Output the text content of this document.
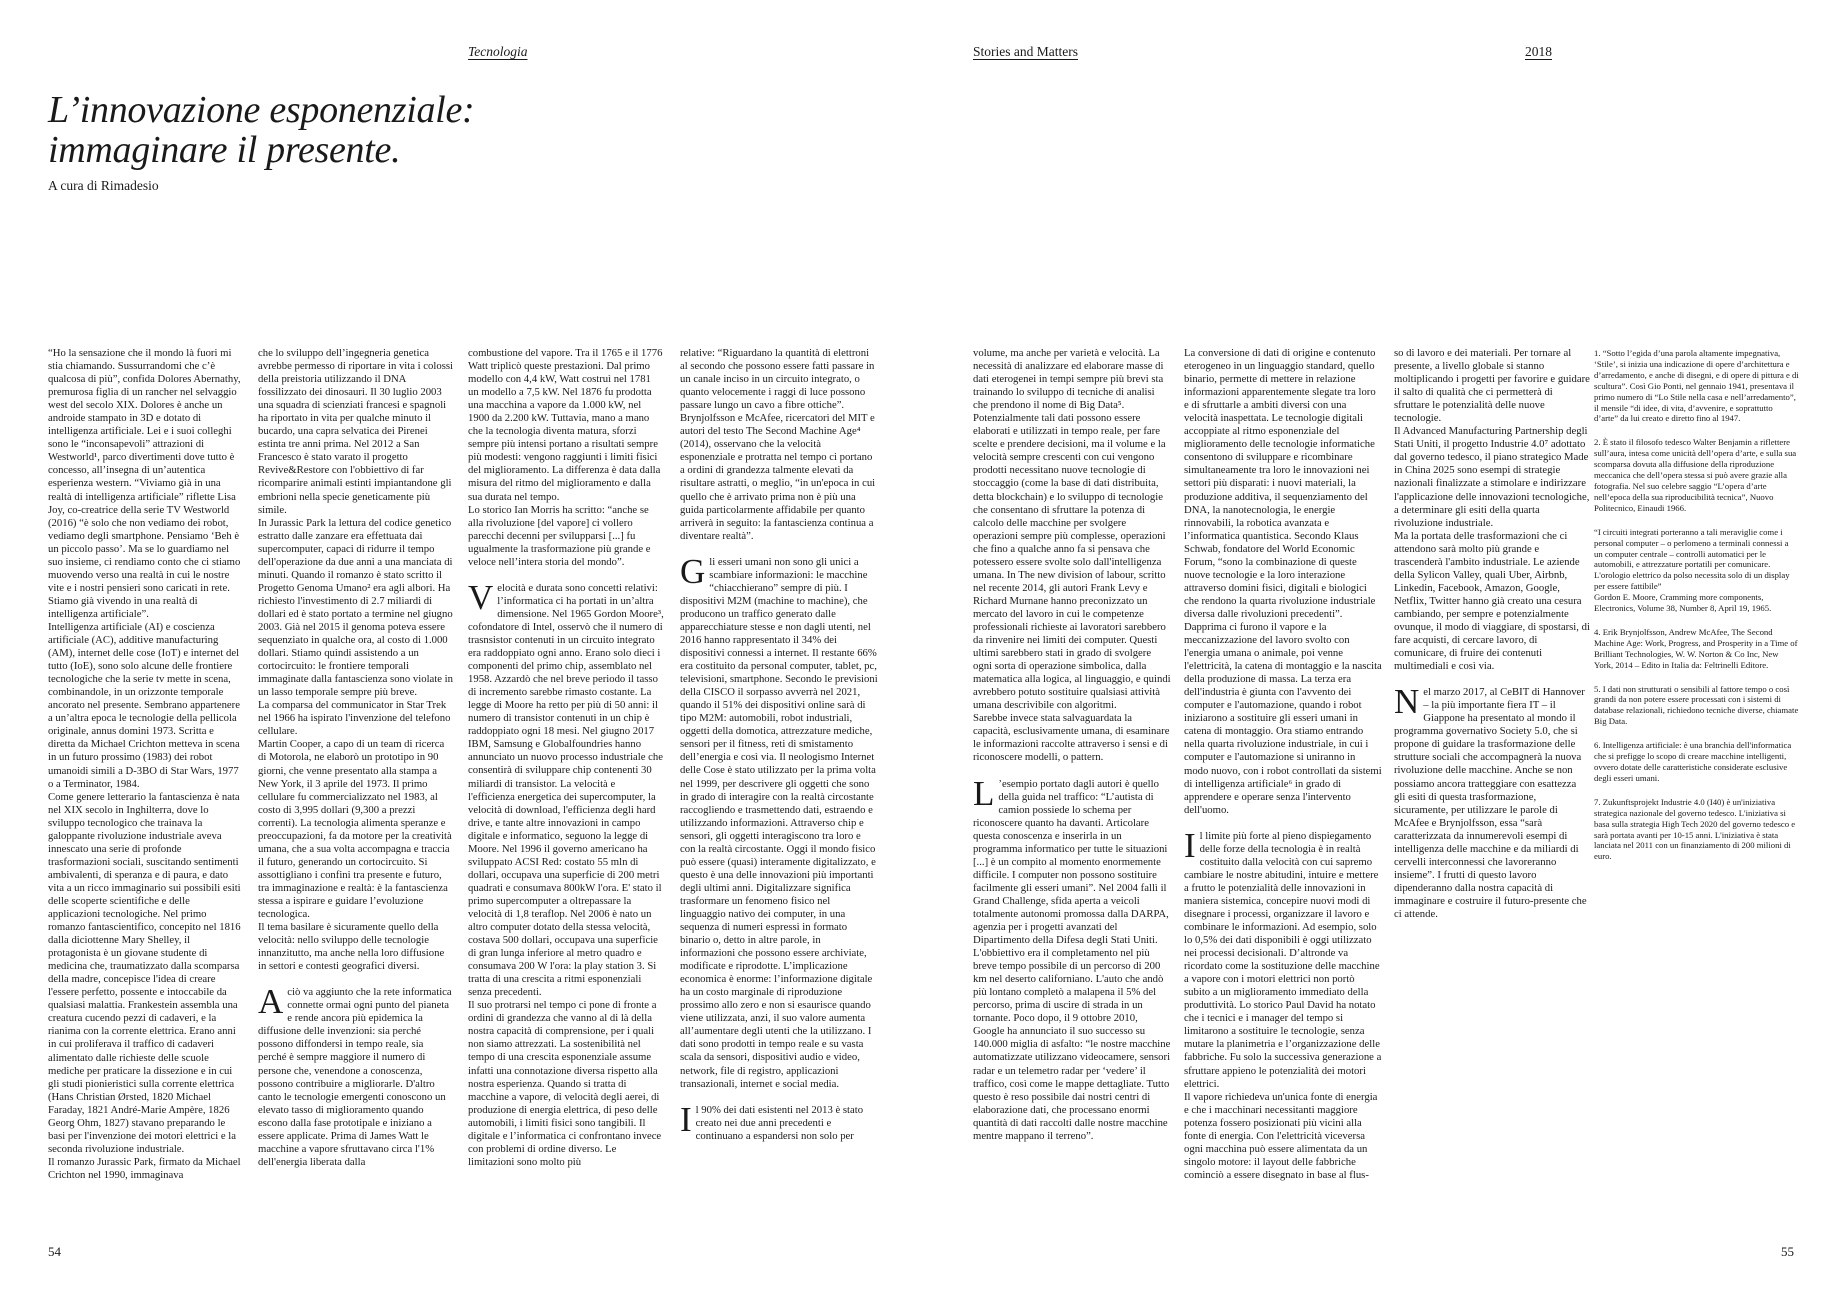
Tecnologia
L’innovazione esponenziale: immaginare il presente.
A cura di Rimadesio

“Ho la sensazione che il mondo là fuori mi stia chiamando. Sussurrandomi che c’è qualcosa di più”, confida Dolores Abernathy, premurosa figlia di un rancher nel selvaggio west del secolo XIX. Dolores è anche un androide stampato in 3D e dotato di intelligenza artificiale. Lei e i suoi colleghi sono le “inconsapevoli” attrazioni di Westworld¹, parco divertimenti dove tutto è concesso, all’insegna di un’autentica esperienza western. “Viviamo già in una realtà di intelligenza artificiale” riflette Lisa Joy, co-creatrice della serie TV Westworld (2016) “è solo che non vediamo dei robot, vediamo degli smartphone. Pensiamo ‘Beh è un piccolo passo’. Ma se lo guardiamo nel suo insieme, ci rendiamo conto che ci stiamo muovendo verso una realtà in cui le nostre vite e i nostri pensieri sono caricati in rete. Stiamo già vivendo in una realtà di intelligenza artificiale”.

Intelligenza artificiale (AI) e coscienza artificiale (AC), additive manufacturing (AM), internet delle cose (IoT) e internet del tutto (IoE), sono solo alcune delle frontiere tecnologiche che la serie tv mette in scena, combinandole, in un orizzonte temporale ancorato nel presente. Sembrano appartenere a un’altra epoca le tecnologie della pellicola originale, annus domini 1973. Scritta e diretta da Michael Crichton metteva in scena in un futuro prossimo (1983) dei robot umanoidi simili a D-3BO di Star Wars, 1977 o a Terminator, 1984.

Come genere letterario la fantascienza è nata nel XIX secolo in Inghilterra, dove lo sviluppo tecnologico che trainava la galoppante rivoluzione industriale aveva innescato una serie di profonde trasformazioni sociali, suscitando sentimenti ambivalenti, di speranza e di paura, e dato vita a un ricco immaginario sui possibili esiti delle scoperte scientifiche e delle applicazioni tecnologiche. Nel primo romanzo fantascientifico, concepito nel 1816 dalla diciottenne Mary Shelley, il protagonista è un giovane studente di medicina che, traumatizzato dalla scomparsa della madre, concepisce l'idea di creare l'essere perfetto, possente e intoccabile da qualsiasi malattia. Frankestein assembla una creatura cucendo pezzi di cadaveri, e la rianima con la corrente elettrica. Erano anni in cui proliferava il traffico di cadaveri alimentato dalle richieste delle scuole mediche per praticare la dissezione e in cui gli studi pionieristici sulla corrente elettrica (Hans Christian Ørsted, 1820 Michael Faraday, 1821 André-Marie Ampère, 1826 Georg Ohm, 1827) stavano preparando le basi per l'invenzione dei motori elettrici e la seconda rivoluzione industriale.

Il romanzo Jurassic Park, firmato da Michael Crichton nel 1990, immaginava

che lo sviluppo dell’ingegneria genetica avrebbe permesso di riportare in vita i colossi della preistoria utilizzando il DNA fossilizzato dei dinosauri. Il 30 luglio 2003 una squadra di scienziati francesi e spagnoli ha riportato in vita per qualche minuto il bucardo, una capra selvatica dei Pirenei estinta tre anni prima. Nel 2012 a San Francesco è stato varato il progetto Revive&Restore con l'obbiettivo di far ricomparire animali estinti impiantandone gli embrioni nella specie geneticamente più simile.

In Jurassic Park la lettura del codice genetico estratto dalle zanzare era effettuata dai supercomputer, capaci di ridurre il tempo dell'operazione da due anni a una manciata di minuti. Quando il romanzo è stato scritto il Progetto Genoma Umano² era agli albori. Ha richiesto l'investimento di 2.7 miliardi di dollari ed è stato portato a termine nel giugno 2003. Già nel 2015 il genoma poteva essere sequenziato in qualche ora, al costo di 1.000 dollari. Stiamo quindi assistendo a un cortocircuito: le frontiere temporali immaginate dalla fantascienza sono violate in un lasso temporale sempre più breve.

La comparsa del communicator in Star Trek nel 1966 ha ispirato l'invenzione del telefono cellulare.

Martin Cooper, a capo di un team di ricerca di Motorola, ne elaborò un prototipo in 90 giorni, che venne presentato alla stampa a New York, il 3 aprile del 1973. Il primo cellulare fu commercializzato nel 1983, al costo di 3,995 dollari (9,300 a prezzi correnti). La tecnologia alimenta speranze e preoccupazioni, fa da motore per la creatività umana, che a sua volta accompagna e traccia il futuro, generando un cortocircuito. Si assottigliano i confini tra presente e futuro, tra immaginazione e realtà: è la fantascienza stessa a ispirare e guidare l’evoluzione tecnologica.

Il tema basilare è sicuramente quello della velocità: nello sviluppo delle tecnologie innanzitutto, ma anche nella loro diffusione in settori e contesti geografici diversi.

Aciò va aggiunto che la rete informatica connette ormai ogni punto del pianeta e rende ancora più epidemica la diffusione delle invenzioni: sia perché possono diffondersi in tempo reale, sia perché è sempre maggiore il numero di persone che, venendone a conoscenza, possono contribuire a migliorarle. D'altro canto le tecnologie emergenti conoscono un elevato tasso di miglioramento quando escono dalla fase prototipale e iniziano a essere applicate. Prima di James Watt le macchine a vapore sfruttavano circa l'1% dell'energia liberata dalla

combustione del vapore. Tra il 1765 e il 1776 Watt triplicò queste prestazioni. Dal primo modello con 4,4 kW, Watt costruì nel 1781 un modello a 7,5 kW. Nel 1876 fu prodotta una macchina a vapore da 1.000 kW, nel 1900 da 2.200 kW. Tuttavia, mano a mano che la tecnologia diventa matura, sforzi sempre più intensi portano a risultati sempre più modesti: vengono raggiunti i limiti fisici del miglioramento. La differenza è data dalla misura del ritmo del miglioramento e dalla sua durata nel tempo.

Lo storico Ian Morris ha scritto: “anche se alla rivoluzione [del vapore] ci vollero parecchi decenni per svilupparsi [...] fu ugualmente la trasformazione più grande e veloce nell’intera storia del mondo”.

Velocità e durata sono concetti relativi: l’informatica ci ha portati in un’altra dimensione. Nel 1965 Gordon Moore³, cofondatore di Intel, osservò che il numero di trasnsistor contenuti in un circuito integrato era raddoppiato ogni anno. Erano solo dieci i componenti del primo chip, assemblato nel 1958. Azzardò che nel breve periodo il tasso di incremento sarebbe rimasto costante. La legge di Moore ha retto per più di 50 anni: il numero di transistor contenuti in un chip è raddoppiato ogni 18 mesi. Nel giugno 2017 IBM, Samsung e Globalfoundries hanno annunciato un nuovo processo industriale che consentirà di sviluppare chip contenenti 30 miliardi di transistor. La velocità e l'efficienza energetica dei supercomputer, la velocità di download, l'efficienza degli hard drive, e tante altre innovazioni in campo digitale e informatico, seguono la legge di Moore. Nel 1996 il governo americano ha sviluppato ACSI Red: costato 55 mln di dollari, occupava una superficie di 200 metri quadrati e consumava 800kW l'ora. E' stato il primo supercomputer a oltrepassare la velocità di 1,8 teraflop. Nel 2006 è nato un altro computer dotato della stessa velocità, costava 500 dollari, occupava una superficie di gran lunga inferiore al metro quadro e consumava 200 W l'ora: la play station 3. Si tratta di una crescita a ritmi esponenziali senza precedenti.

Il suo protrarsi nel tempo ci pone di fronte a ordini di grandezza che vanno al di là della nostra capacità di comprensione, per i quali non siamo attrezzati. La sostenibilità nel tempo di una crescita esponenziale assume infatti una connotazione diversa rispetto alla nostra esperienza. Quando si tratta di macchine a vapore, di velocità degli aerei, di produzione di energia elettrica, di peso delle automobili, i limiti fisici sono tangibili. Il digitale e l’informatica ci confrontano invece con problemi di ordine diverso. Le limitazioni sono molto più

relative: “Riguardano la quantità di elettroni al secondo che possono essere fatti passare in un canale inciso in un circuito integrato, o quanto velocemente i raggi di luce possono passare lungo un cavo a fibre ottiche”. Brynjolfsson e McAfee, ricercatori del MIT e autori del testo The Second Machine Age⁴ (2014), osservano che la velocità esponenziale e protratta nel tempo ci portano a ordini di grandezza talmente elevati da risultare astratti, o meglio, “in un'epoca in cui quello che è arrivato prima non è più una guida particolarmente affidabile per quanto arriverà in seguito: la fantascienza continua a diventare realtà”.

Gli esseri umani non sono gli unici a scambiare informazioni: le macchine “chiacchierano” sempre di più. I dispositivi M2M (machine to machine), che producono un traffico generato dalle apparecchiature stesse e non dagli utenti, nel 2016 hanno rappresentato il 34% dei dispositivi connessi a internet. Il restante 66% era costituito da personal computer, tablet, pc, televisioni, smartphone. Secondo le previsioni della CISCO il sorpasso avverrà nel 2021, quando il 51% dei dispositivi online sarà di tipo M2M: automobili, robot industriali, oggetti della domotica, attrezzature mediche, sensori per il fitness, reti di smistamento dell’energia e così via. Il neologismo Internet delle Cose è stato utilizzato per la prima volta nel 1999, per descrivere gli oggetti che sono in grado di interagire con la realtà circostante raccogliendo e trasmettendo dati, estraendo e utilizzando informazioni. Attraverso chip e sensori, gli oggetti interagiscono tra loro e con la realtà circostante. Oggi il mondo fisico può essere (quasi) interamente digitalizzato, e questo è una delle innovazioni più importanti degli ultimi anni. Digitalizzare significa trasformare un fenomeno fisico nel linguaggio nativo dei computer, in una sequenza di numeri espressi in formato binario o, detto in altre parole, in informazioni che possono essere archiviate, modificate e riprodotte. L’implicazione economica è enorme: l’informazione digitale ha un costo marginale di riproduzione prossimo allo zero e non si esaurisce quando viene utilizzata, anzi, il suo valore aumenta all’aumentare degli utenti che la utilizzano. I dati sono prodotti in tempo reale e su vasta scala da sensori, dispositivi audio e video, network, file di registro, applicazioni transazionali, internet e social media.

Il 90% dei dati esistenti nel 2013 è stato creato nei due anni precedenti e continuano a espandersi non solo per

54
Stories and Matters	2018

volume, ma anche per varietà e velocità. La necessità di analizzare ed elaborare masse di dati eterogenei in tempi sempre più brevi sta trainando lo sviluppo di tecniche di analisi che prendono il nome di Big Data⁵. Potenzialmente tali dati possono essere elaborati e utilizzati in tempo reale, per fare scelte e prendere decisioni, ma il volume e la velocità sempre crescenti con cui vengono prodotti necessitano nuove tecnologie di stoccaggio (come la base di dati distribuita, detta blockchain) e lo sviluppo di tecnologie che consentano di sfruttare la potenza di calcolo delle macchine per svolgere operazioni sempre più complesse, operazioni che fino a qualche anno fa si pensava che potessero essere svolte solo dall'intelligenza umana. In The new division of labour, scritto nel recente 2014, gli autori Frank Levy e Richard Murnane hanno preconizzato un mercato del lavoro in cui le competenze professionali richieste ai lavoratori sarebbero da rinvenire nei limiti dei computer. Questi ultimi sarebbero stati in grado di svolgere ogni sorta di operazione simbolica, dalla matematica alla logica, al linguaggio, e quindi avrebbero potuto sostituire qualsiasi attività umana descrivibile con algoritmi.

Sarebbe invece stata salvaguardata la capacità, esclusivamente umana, di esaminare le informazioni raccolte attraverso i sensi e di riconoscere modelli, o pattern.

L ’esempio portato dagli autori è quello della guida nel traffico: “L’autista di camion possiede lo schema per riconoscere quanto ha davanti. Articolare questa conoscenza e inserirla in un programma informatico per tutte le situazioni [...] è un compito al momento enormemente difficile. I computer non possono sostituire facilmente gli esseri umani”. Nel 2004 fallì il Grand Challenge, sfida aperta a veicoli totalmente autonomi promossa dalla DARPA, agenzia per i progetti avanzati del Dipartimento della Difesa degli Stati Uniti. L'obbiettivo era il completamento nel più breve tempo possibile di un percorso di 200 km nel deserto californiano. L'auto che andò più lontano completò a malapena il 5% del percorso, prima di uscire di strada in un tornante. Poco dopo, il 9 ottobre 2010, Google ha annunciato il suo successo su 140.000 miglia di asfalto: “le nostre macchine automatizzate utilizzano videocamere, sensori radar e un telemetro radar per ‘vedere’ il traffico, così come le mappe dettagliate. Tutto questo è reso possibile dai nostri centri di elaborazione dati, che processano enormi quantità di dati raccolti dalle nostre macchine mentre mappano il terreno”.

La conversione di dati di origine e contenuto eterogeneo in un linguaggio standard, quello binario, permette di mettere in relazione informazioni apparentemente slegate tra loro e di sfruttarle a ambiti diversi con una velocità inaspettata. Le tecnologie digitali accoppiate al ritmo esponenziale del miglioramento delle tecnologie informatiche consentono di sviluppare e ricombinare simultaneamente tra loro le innovazioni nei settori più disparati: i nuovi materiali, la produzione additiva, il sequenziamento del DNA, la nanotecnologia, le energie rinnovabili, la robotica avanzata e l’informatica quantistica. Secondo Klaus Schwab, fondatore del World Economic Forum, “sono la combinazione di queste nuove tecnologie e la loro interazione attraverso domini fisici, digitali e biologici che rendono la quarta rivoluzione industriale diversa dalle rivoluzioni precedenti”. Dapprima ci furono il vapore e la meccanizzazione del lavoro svolto con l'energia umana o animale, poi venne l'elettricità, la catena di montaggio e la nascita della produzione di massa. La terza era dell'industria è giunta con l'avvento dei computer e l'automazione, quando i robot iniziarono a sostituire gli esseri umani in catena di montaggio. Ora stiamo entrando nella quarta rivoluzione industriale, in cui i computer e l'automazione si uniranno in modo nuovo, con i robot controllati da sistemi di intelligenza artificiale⁶ in grado di apprendere e operare senza l'intervento dell'uomo.

Il limite più forte al pieno dispiegamento delle forze della tecnologia è in realtà costituito dalla velocità con cui sapremo cambiare le nostre abitudini, intuire e mettere a frutto le potenzialità delle innovazioni in maniera sistemica, concepire nuovi modi di disegnare i processi, organizzare il lavoro e combinare le informazioni. Ad esempio, solo lo 0,5% dei dati disponibili è oggi utilizzato nei processi decisionali. D’altronde va ricordato come la sostituzione delle macchine a vapore con i motori elettrici non portò subito a un miglioramento immediato della produttività. Lo storico Paul David ha notato che i tecnici e i manager del tempo si limitarono a sostituire le tecnologie, senza mutare la planimetria e l’organizzazione delle fabbriche. Fu solo la successiva generazione a sfruttare appieno le potenzialità dei motori elettrici.

Il vapore richiedeva un'unica fonte di energia e che i macchinari necessitanti maggiore potenza fossero posizionati più vicini alla fonte di energia. Con l'elettricità viceversa ogni macchina può essere alimentata da un singolo motore: il layout delle fabbriche cominciò a essere disegnato in base al flus-

so di lavoro e dei materiali. Per tornare al presente, a livello globale si stanno moltiplicando i progetti per favorire e guidare il salto di qualità che ci permetterà di sfruttare le potenzialità delle nuove tecnologie.

Il Advanced Manufacturing Partnership degli Stati Uniti, il progetto Industrie 4.0⁷ adottato dal governo tedesco, il piano strategico Made in China 2025 sono esempi di strategie nazionali finalizzate a stimolare e indirizzare l'applicazione delle innovazioni tecnologiche, a determinare gli esiti della quarta rivoluzione industriale.

Ma la portata delle trasformazioni che ci attendono sarà molto più grande e trascenderà l'ambito industriale. Le aziende della Sylicon Valley, quali Uber, Airbnb, Linkedin, Facebook, Amazon, Google, Netflix, Twitter hanno già creato una cesura cambiando, per sempre e potenzialmente ovunque, il modo di viaggiare, di spostarsi, di fare acquisti, di cercare lavoro, di comunicare, di fruire dei contenuti multimediali e così via.

Nel marzo 2017, al CeBIT di Hannover – la più importante fiera IT – il Giappone ha presentato al mondo il programma governativo Society 5.0, che si propone di guidare la trasformazione delle strutture sociali che accompagnerà la nuova rivoluzione delle macchine. Anche se non possiamo ancora tratteggiare con esattezza gli esiti di questa trasformazione, sicuramente, per utilizzare le parole di McAfee e Brynjolfsson, essa “sarà caratterizzata da innumerevoli esempi di intelligenza delle macchine e da miliardi di cervelli interconnessi che lavoreranno insieme”. I frutti di questo lavoro dipenderanno dalla nostra capacità di immaginare e costruire il futuro-presente che ci attende.

55

1. “Sotto l’egida d’una parola altamente impegnativa, ‘Stile’, si inizia una indicazione di opere d’architettura e d’arredamento, e anche di disegni, e di opere di pittura e di scultura”. Così Gio Ponti, nel gennaio 1941, presentava il primo numero di “Lo Stile nella casa e nell’arredamento”, il mensile “di idee, di vita, d’avvenire, e soprattutto d’arte” da lui creato e diretto fino al 1947.

2. È stato il filosofo tedesco Walter Benjamin a riflettere sull’aura, intesa come unicità dell’opera d’arte, e sulla sua scomparsa dovuta alla diffusione della riproduzione meccanica che dell’opera stessa si può avere grazie alla fotografia. Nel suo celebre saggio “L’opera d’arte nell’epoca della sua riproducibilità tecnica”, Nuovo Politecnico, Einaudi 1966.

“I circuiti integrati porteranno a tali meraviglie come i personal computer – o perlomeno a terminali connessi a un computer centrale – controlli automatici per le automobili, e attrezzature portatili per comunicare. L'orologio elettrico da polso necessita solo di un display per essere fattibile”

Gordon E. Moore, Cramming more components, Electronics, Volume 38, Number 8, April 19, 1965.

4. Erik Brynjolfsson, Andrew McAfee, The Second Machine Age: Work, Progress, and Prosperity in a Time of Brilliant Technologies, W. W. Norton & Co Inc, New York, 2014 – Edito in Italia da: Feltrinelli Editore.

5. I dati non strutturati o sensibili al fattore tempo o così grandi da non potere essere processati con i sistemi di database relazionali, richiedono tecniche diverse, chiamate Big Data.

6. Intelligenza artificiale: è una branchia dell'informatica che si prefigge lo scopo di creare macchine intelligenti, ovvero dotate delle caratteristiche considerate esclusive degli esseri umani.

7. Zukunftsprojekt Industrie 4.0 (I40) è un'iniziativa strategica nazionale del governo tedesco. L'iniziativa si basa sulla strategia High Tech 2020 del governo tedesco e sarà portata avanti per 10-15 anni. L'iniziativa è stata lanciata nel 2011 con un finanziamento di 200 milioni di euro.
